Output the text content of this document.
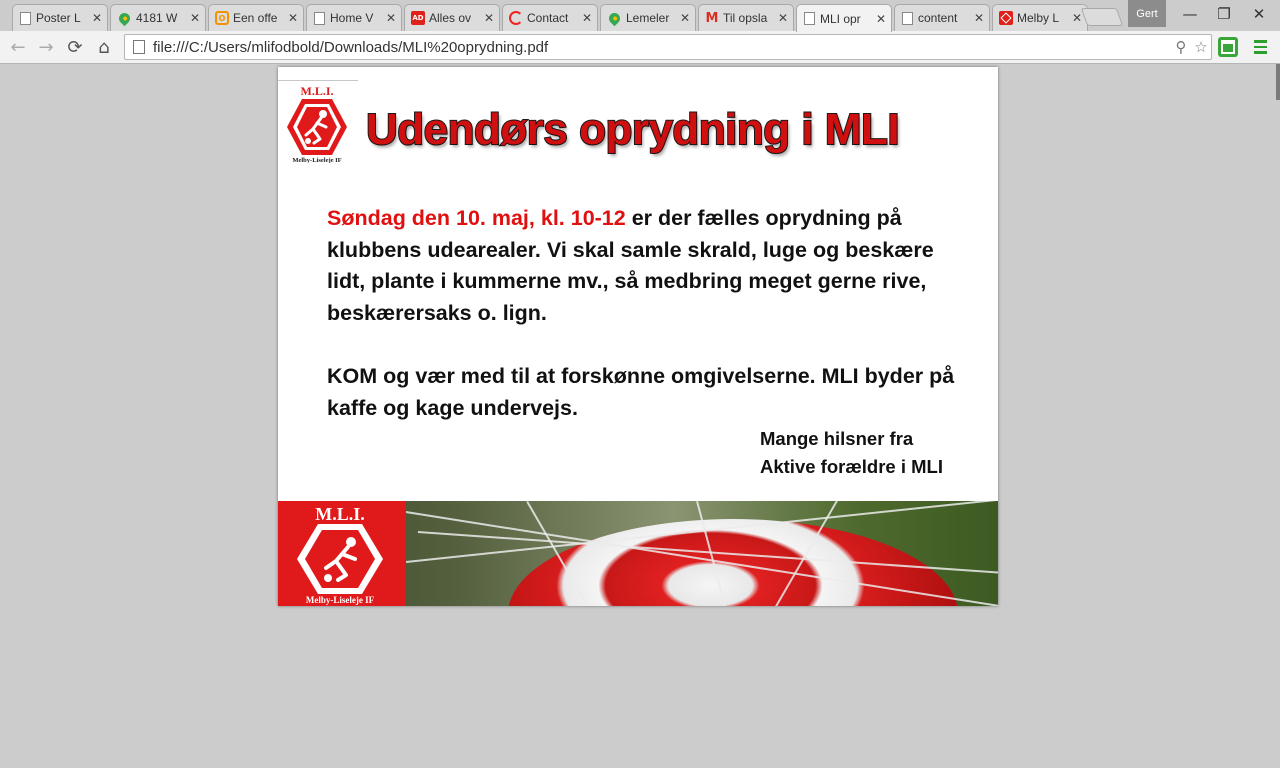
Poster L ✕	4181 W	✕	O Een offe ✕	Home V	✕ AD Alles ov	✕	Contact	✕	Lemeler ✕ M Til opsla ✕	MLI opr	✕	content	✕	Melby L	✕	Gert	—	❐	✕
← → ⟳ ⌂	file:///C:/Users/mlifodbold/Downloads/MLI%20oprydning.pdf	⚲ ☆
M.L.I.
Melby-Liseleje IF
Udendørs oprydning i MLI
Søndag den 10. maj, kl. 10-12 er der fælles oprydning på klubbens udearealer. Vi skal samle skrald, luge og beskære lidt, plante i kummerne mv., så medbring meget gerne rive, beskærersaks o. lign.
KOM og vær med til at forskønne omgivelserne. MLI byder på kaffe og kage undervejs.
Mange hilsner fra
Aktive forældre i MLI
M.L.I.
Melby-Liseleje IF
